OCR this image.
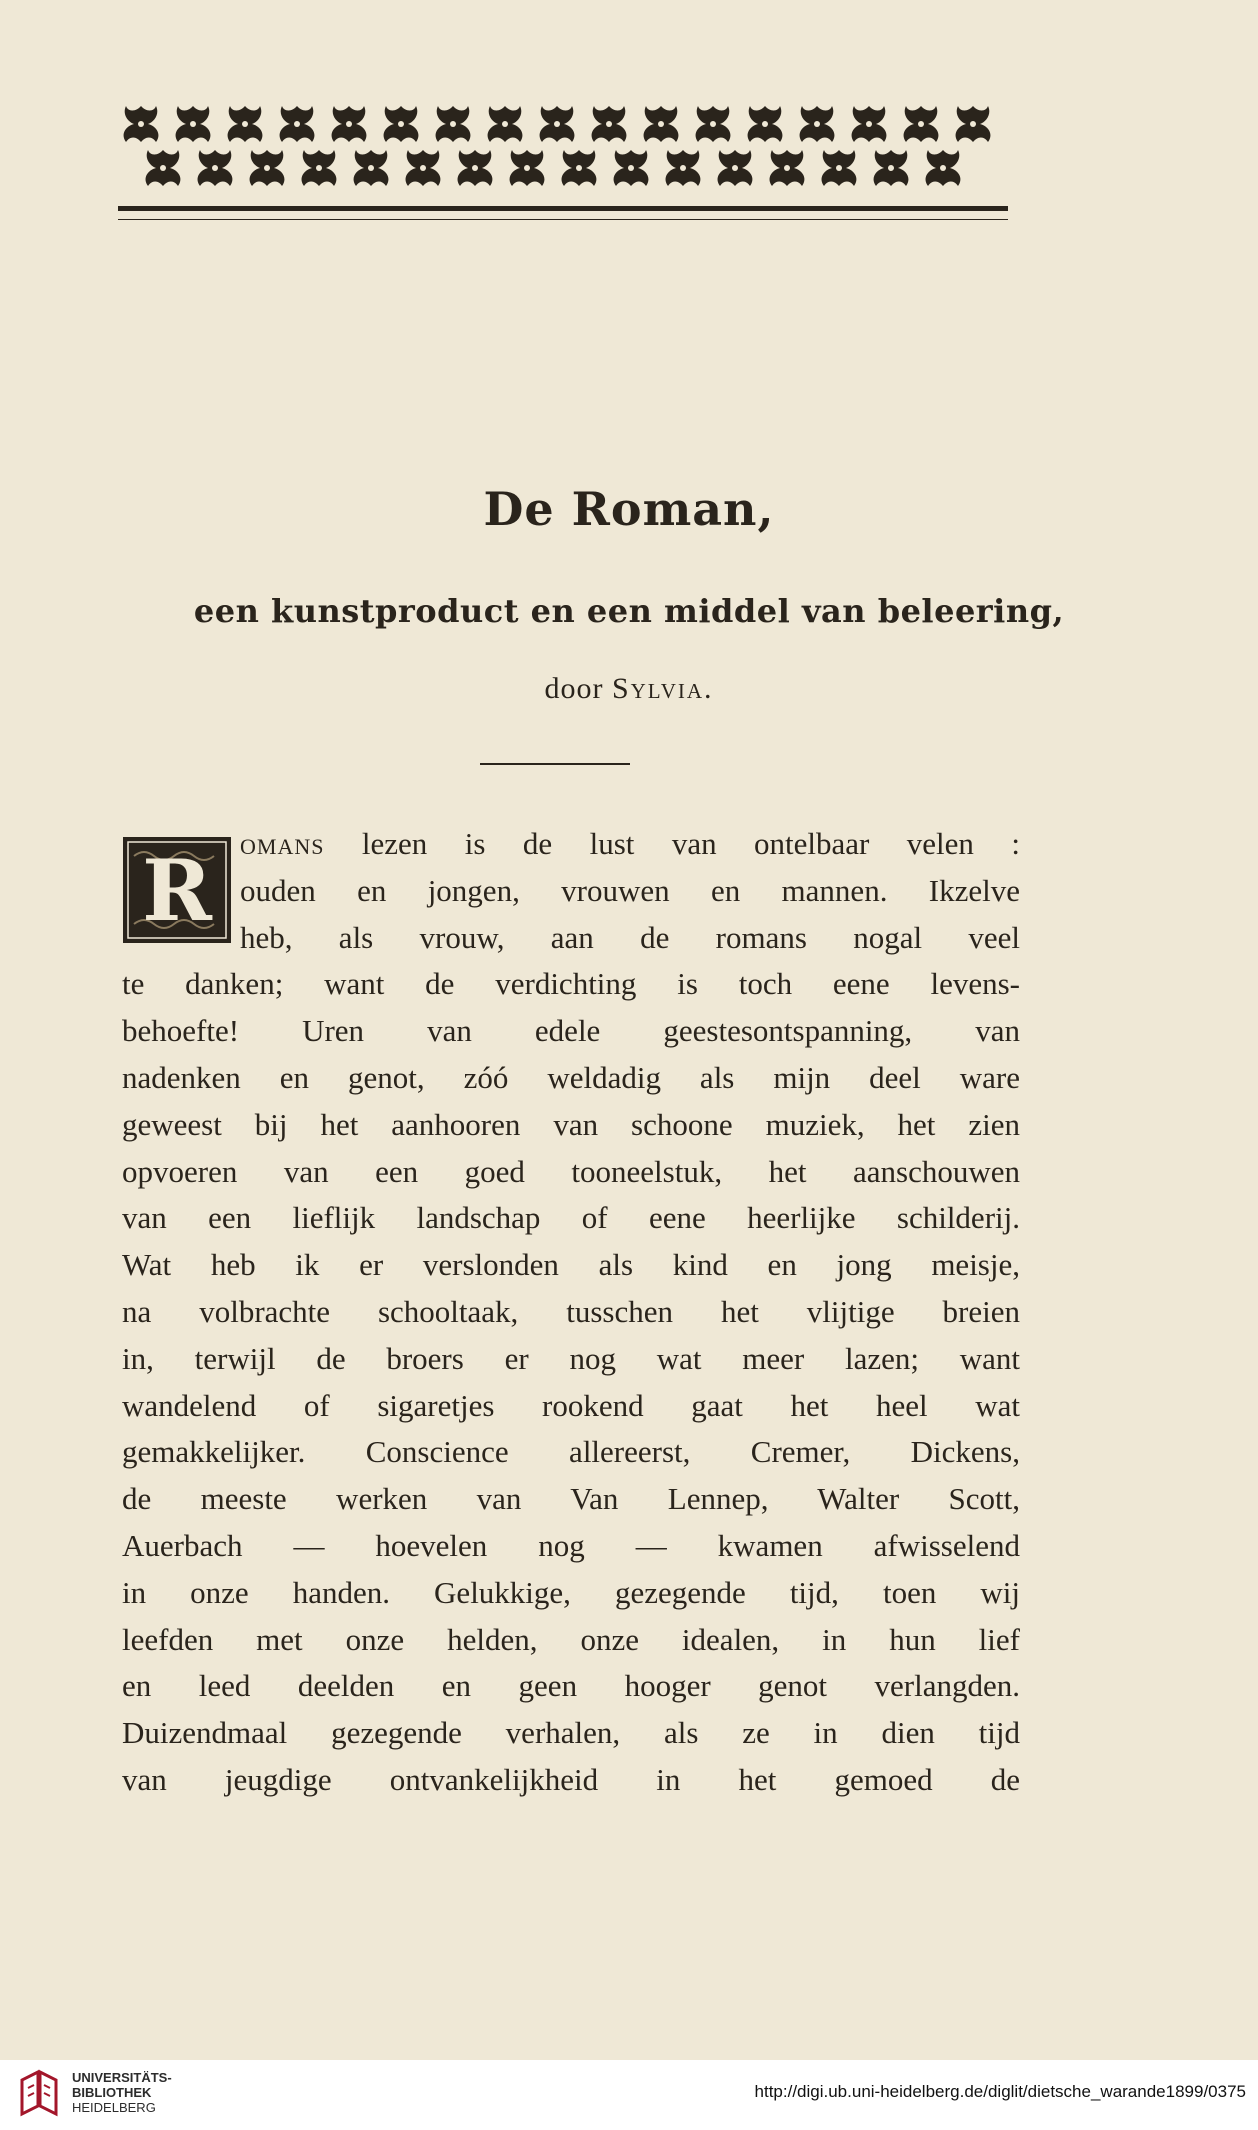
De Roman,
een kunstproduct en een middel van beleering,
door Sylvia.
R omans lezen is de lust van ontelbaar velen :
ouden en jongen, vrouwen en mannen. Ikzelve
heb, als vrouw, aan de romans nogal veel
te danken; want de verdichting is toch eene levens-
behoefte! Uren van edele geestesontspanning, van
nadenken en genot, zóó weldadig als mijn deel ware
geweest bij het aanhooren van schoone muziek, het zien
opvoeren van een goed tooneelstuk, het aanschouwen
van een lieflijk landschap of eene heerlijke schilderij.
Wat heb ik er verslonden als kind en jong meisje,
na volbrachte schooltaak, tusschen het vlijtige breien
in, terwijl de broers er nog wat meer lazen; want
wandelend of sigaretjes rookend gaat het heel wat
gemakkelijker. Conscience allereerst, Cremer, Dickens,
de meeste werken van Van Lennep, Walter Scott,
Auerbach — hoevelen nog — kwamen afwisselend
in onze handen. Gelukkige, gezegende tijd, toen wij
leefden met onze helden, onze idealen, in hun lief
en leed deelden en geen hooger genot verlangden.
Duizendmaal gezegende verhalen, als ze in dien tijd
van jeugdige ontvankelijkheid in het gemoed de
UNIVERSITÄTS-
BIBLIOTHEK
HEIDELBERG
http://digi.ub.uni-heidelberg.de/diglit/dietsche_warande1899/0375
